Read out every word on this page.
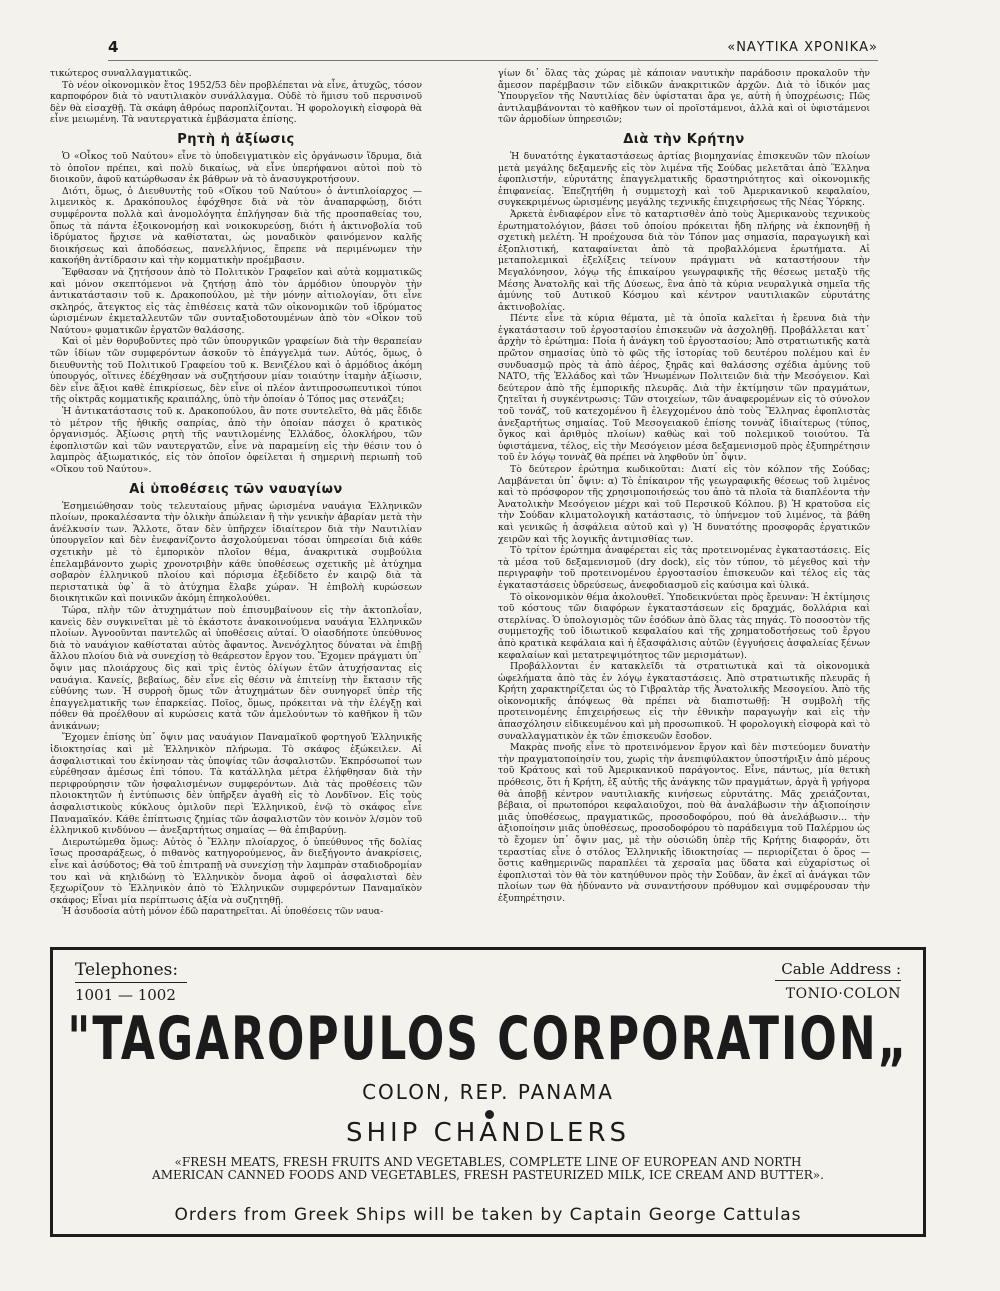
4	«ΝΑΥΤΙΚΑ ΧΡΟΝΙΚΑ»

τικώτερος συναλλαγματικῶς.

Τὸ νέον οἰκονομικὸν ἔτος 1952/53 δὲν προβλέπεται νὰ εἶνε, ἀτυχῶς, τόσον καρποφόρον διὰ τὸ ναυτιλιακὸν συνάλλαγμα. Οὐδὲ τὸ ἥμισυ τοῦ περυσινοῦ δὲν θὰ εἰσαχθῇ. Τὰ σκάφη ἀθρόως παροπλίζονται. Ἡ φορολογικὴ εἰσφορὰ θὰ εἶνε μειωμένη. Τὰ ναυτεργατικὰ ἐμβάσματα ἐπίσης.

Ρητὴ ἡ ἀξίωσις

Ὁ «Οἶκος τοῦ Ναύτου» εἶνε τὸ ὑποδειγματικὸν εἰς ὀργάνωσιν ἵδρυμα, διὰ τὸ ὁποῖον πρέπει, καὶ πολὺ δικαίως, νὰ εἶνε ὑπερήφανοι αὐτοὶ ποὺ τὸ διοικοῦν, ἀφοῦ κατώρθωσαν ἐκ βάθρων νὰ τὸ ἀνασυγκροτήσουν.

Διότι, ὅμως, ὁ Διευθυντὴς τοῦ «Οἴκου τοῦ Ναύτου» ὁ ἀντιπλοίαρχος — λιμενικὸς κ. Δρακόπουλος ἐφόχθησε διὰ νὰ τὸν ἀναπαρφώσῃ, διότι συμφέροντα πολλὰ καὶ ἀνομολόγητα ἐπλήγησαν διὰ τῆς προσπαθείας του, ὅπως τὰ πάντα ἐξοικονομήσῃ καὶ νοικοκυρεύσῃ, διότι ἡ ἀκτινοβολία τοῦ ἱδρύματος ἤρχισε νὰ καθίσταται, ὡς μοναδικὸν φαινόμενον καλῆς διοικήσεως καὶ ἀποδόσεως, πανελλήνιος, ἔπρεπε νὰ περιμένωμεν τὴν κακοήθη ἀντίδρασιν καὶ τὴν κομματικὴν προέμβασιν.

Ἔφθασαν νὰ ζητήσουν ἀπὸ τὸ Πολιτικὸν Γραφεῖον καὶ αὐτὰ κομματικῶς καὶ μόνον σκεπτόμενοι νὰ ζητήσῃ ἀπὸ τὸν ἁρμόδιον ὑπουργὸν τὴν ἀντικατάστασιν τοῦ κ. Δρακοπούλου, μὲ τὴν μόνην αἰτιολογίαν, ὅτι εἶνε σκληρός, ἄτεγκτος εἰς τὰς ἐπιθέσεις κατὰ τῶν οἰκονομικῶν τοῦ ἱδρύματος ὡρισμένων ἐκμεταλλευτῶν τῶν συνταξιοδοτουμένων ἀπὸ τὸν «Οἶκον τοῦ Ναύτου» φυματικῶν ἐργατῶν θαλάσσης.

Καὶ οἱ μὲν θορυβοῦντες πρὸ τῶν ὑπουργικῶν γραφείων διὰ τὴν θεραπείαν τῶν ἰδίων τῶν συμφερόντων ἀσκοῦν τὸ ἐπάγγελμά των. Αὐτός, ὅμως, ὁ διευθυντὴς τοῦ Πολιτικοῦ Γραφείου τοῦ κ. Βενιζέλου καὶ ὁ ἁρμόδιος ἀκόμη ὑπουργός, οἵτινες ἐδέχθησαν νὰ συζητήσουν μίαν τοιαύτην ἰταμὴν ἀξίωσιν, δὲν εἶνε ἄξιοι καθὲ ἐπικρίσεως, δὲν εἶνε οἱ πλέον ἀντιπροσωπευτικοὶ τύποι τῆς οἰκτρᾶς κομματικῆς κραιπάλης, ὑπὸ τὴν ὁποίαν ὁ Τόπος μας στενάζει;

Ἡ ἀντικατάστασις τοῦ κ. Δρακοπούλου, ἂν ποτε συντελεῖτο, θὰ μᾶς ἔδιδε τὸ μέτρον τῆς ἠθικῆς σαπρίας, ἀπὸ τὴν ὁποίαν πάσχει ὁ κρατικὸς ὀργανισμός. Ἀξίωσις ρητὴ τῆς ναυτιλομένης Ἑλλάδος, ὁλοκλήρου, τῶν ἐφοπλιστῶν καὶ τῶν ναυτεργατῶν, εἶνε νὰ παραμείνῃ εἰς τὴν θέσιν του ὁ λαμπρὸς ἀξιωματικός, εἰς τὸν ὁποῖον ὀφείλεται ἡ σημερινὴ περιωπὴ τοῦ «Οἴκου τοῦ Ναύτου».

Αἱ ὑποθέσεις τῶν ναυαγίων

Ἐσημειώθησαν τοὺς τελευταίους μῆνας ὡρισμένα ναυάγια Ἑλληνικῶν πλοίων, προκαλέσαντα τὴν ὁλικὴν ἀπώλειαν ἢ τὴν γενικὴν ἀβαρίαν μετὰ τὴν ἀνέλκυσίν των. Ἄλλοτε, ὅταν δὲν ὑπῆρχεν ἰδιαίτερον διὰ τὴν Ναυτιλίαν ὑπουργεῖον καὶ δὲν ἐνεφανίζοντο ἀσχολούμεναι τόσαι ὑπηρεσίαι διὰ κάθε σχετικὴν μὲ τὸ ἐμπορικὸν πλοῖον θέμα, ἀνακριτικὰ συμβούλια ἐπελαμβάνοντο χωρὶς χρονοτριβὴν κάθε ὑποθέσεως σχετικῆς μὲ ἀτύχημα σοβαρὸν ἑλληνικοῦ πλοίου καὶ πόρισμα ἐξεδίδετο ἐν καιρῷ διὰ τὰ περιστατικὰ ὑφ᾽ ἃ τὸ ἀτύχημα ἔλαβε χώραν. Ἡ ἐπιβολὴ κυρώσεων διοικητικῶν καὶ ποινικῶν ἀκόμη ἐπηκολούθει.

Τώρα, πλὴν τῶν ἀτυχημάτων ποὺ ἐπισυμβαίνουν εἰς τὴν ἀκτοπλοΐαν, κανεὶς δὲν συγκινεῖται μὲ τὸ ἑκάστοτε ἀνακοινούμενα ναυάγια Ἑλληνικῶν πλοίων. Ἀγνοοῦνται παντελῶς αἱ ὑποθέσεις αὐταί. Ὁ οἰασδήποτε ὑπεύθυνος διὰ τὸ ναυάγιον καθίσταται αὐτὸς ἄφαντος. Ἀνενόχλητος δύναται νὰ ἐπιβῇ ἄλλου πλοίου διὰ νὰ συνεχίσῃ τὸ θεάρεστον ἔργον του. Ἔχομεν πράγματι ὑπ᾽ ὄψιν μας πλοιάρχους δὶς καὶ τρὶς ἐντὸς ὀλίγων ἐτῶν ἀτυχήσαντας εἰς ναυάγια. Κανείς, βεβαίως, δὲν εἶνε εἰς θέσιν νὰ ἐπιτείνῃ τὴν ἔκτασιν τῆς εὐθύνης των. Ἡ συρροὴ ὅμως τῶν ἀτυχημάτων δὲν συνηγορεῖ ὑπὲρ τῆς ἐπαγγελματικῆς των ἐπαρκείας. Ποῖος, ὅμως, πρόκειται νὰ τὴν ἐλέγξῃ καὶ πόθεν θὰ προέλθουν αἱ κυρώσεις κατὰ τῶν ἀμελούντων τὸ καθῆκον ἢ τῶν ἀνικάνων;

Ἔχομεν ἐπίσης ὑπ᾽ ὄψιν μας ναυάγιον Παναμαϊκοῦ φορτηγοῦ Ἑλληνικῆς ἰδιοκτησίας καὶ μὲ Ἑλληνικὸν πλήρωμα. Τὸ σκάφος ἐξώκειλεν. Αἱ ἀσφαλιστικαὶ του ἐκίνησαν τὰς ὑποψίας τῶν ἀσφαλιστῶν. Ἐκπρόσωποί των εὑρέθησαν ἀμέσως ἐπὶ τόπου. Τὰ κατάλληλα μέτρα ἐλήφθησαν διὰ τὴν περιφρούρησιν τῶν ἠσφαλισμένων συμφερόντων. Διὰ τὰς προθέσεις τῶν πλοιοκτητῶν ἡ ἐντύπωσις δὲν ὑπῆρξεν ἀγαθὴ εἰς τὸ Λονδῖνον. Εἰς τοὺς ἀσφαλιστικοὺς κύκλους ὁμιλοῦν περὶ Ἑλληνικοῦ, ἐνῷ τὸ σκάφος εἶνε Παναμαϊκόν. Κάθε ἐπίπτωσις ζημίας τῶν ἀσφαλιστῶν τὸν κοινὸν λ/σμὸν τοῦ ἑλληνικοῦ κινδύνου — ἀνεξαρτήτως σημαίας — θὰ ἐπιβαρύνῃ.

Διερωτώμεθα ὅμως: Αὐτὸς ὁ Ἕλλην πλοίαρχος, ὁ ὑπεύθυνος τῆς δολίας ἴσως προσαράξεως, ὁ πιθανὸς κατηγορούμενος, ἂν διεξήγοντο ἀνακρίσεις, εἶνε καὶ ἀσύδοτος; Θὰ τοῦ ἐπιτραπῇ νὰ συνεχίσῃ τὴν λαμπρὰν σταδιοδρομίαν του καὶ νὰ κηλιδώνῃ τὸ Ἑλληνικὸν ὄνομα ἀφοῦ οἱ ἀσφαλισταὶ δὲν ξεχωρίζουν τὸ Ἑλληνικὸν ἀπὸ τὸ Ἑλληνικῶν συμφερόντων Παναμαϊκὸν σκάφος; Εἶναι μία περίπτωσις ἀξία νὰ συζητηθῇ.

Ἡ ἀσυδοσία αὐτὴ μόνον ἐδῶ παρατηρεῖται. Αἱ ὑποθέσεις τῶν ναυα-

γίων δι᾽ ὅλας τὰς χώρας μὲ κάποιαν ναυτικὴν παράδοσιν προκαλοῦν τὴν ἄμεσον παρέμβασιν τῶν εἰδικῶν ἀνακριτικῶν ἀρχῶν. Διὰ τὸ ἰδικόν μας Ὑπουργεῖον τῆς Ναυτιλίας δὲν ὑφίσταται ἄρα γε, αὐτὴ ἡ ὑποχρέωσις; Πῶς ἀντιλαμβάνονται τὸ καθῆκον των οἱ προϊστάμενοι, ἀλλὰ καὶ οἱ ὑφιστάμενοι τῶν ἁρμοδίων ὑπηρεσιῶν;

Διὰ τὴν Κρήτην

Ἡ δυνατότης ἐγκαταστάσεως ἀρτίας βιομηχανίας ἐπισκευῶν τῶν πλοίων μετὰ μεγάλης δεξαμενῆς εἰς τὸν λιμένα τῆς Σούδας μελετᾶται ἀπὸ Ἕλληνα ἐφοπλιστήν, εὐρυτάτης ἐπαγγελματικῆς δραστηριότητος καὶ οἰκονομικῆς ἐπιφανείας. Ἐπεζητήθη ἡ συμμετοχὴ καὶ τοῦ Ἀμερικανικοῦ κεφαλαίου, συγκεκριμένως ὡρισμένης μεγάλης τεχνικῆς ἐπιχειρήσεως τῆς Νέας Ὑόρκης.

Ἀρκετὰ ἐνδιαφέρον εἶνε τὸ καταρτισθὲν ἀπὸ τοὺς Ἀμερικανοὺς τεχνικοὺς ἐρωτηματολόγιον, βάσει τοῦ ὁποίου πρόκειται ἤδη πλήρης νὰ ἐκπονηθῇ ἡ σχετικὴ μελέτη. Ἡ προέχουσα διὰ τὸν Τόπον μας σημασία, παραγωγικὴ καὶ ἐξοπλιστική, καταφαίνεται ἀπὸ τὰ προβαλλόμενα ἐρωτήματα. Αἱ μεταπολεμικαὶ ἐξελίξεις τείνουν πράγματι νὰ καταστήσουν τὴν Μεγαλόνησον, λόγῳ τῆς ἐπικαίρου γεωγραφικῆς τῆς θέσεως μεταξὺ τῆς Μέσης Ἀνατολῆς καὶ τῆς Δύσεως, ἓνα ἀπὸ τὰ κύρια νευραλγικὰ σημεῖα τῆς ἀμύνης τοῦ Δυτικοῦ Κόσμου καὶ κέντρον ναυτιλιακῶν εὐρυτάτης ἀκτινοβολίας.

Πέντε εἶνε τὰ κύρια θέματα, μὲ τὰ ὁποῖα καλεῖται ἡ ἔρευνα διὰ τὴν ἐγκατάστασιν τοῦ ἐργοστασίου ἐπισκευῶν νὰ ἀσχοληθῇ. Προβάλλεται κατ᾽ ἀρχὴν τὸ ἐρώτημα: Ποία ἡ ἀνάγκη τοῦ ἐργοστασίου; Ἀπὸ στρατιωτικῆς κατὰ πρῶτον σημασίας ὑπὸ τὸ φῶς τῆς ἱστορίας τοῦ δευτέρου πολέμου καὶ ἐν συνδυασμῷ πρὸς τὰ ἀπὸ ἀέρος, ξηρᾶς καὶ θαλάσσης σχέδια ἀμύνης τοῦ ΝΑΤΟ, τῆς Ἑλλάδος καὶ τῶν Ἡνωμένων Πολιτειῶν διὰ τὴν Μεσόγειον. Καὶ δεύτερον ἀπὸ τῆς ἐμπορικῆς πλευρᾶς. Διὰ τὴν ἐκτίμησιν τῶν πραγμάτων, ζητεῖται ἡ συγκέντρωσις: Τῶν στοιχείων, τῶν ἀναφερομένων εἰς τὸ σύνολον τοῦ τονάζ, τοῦ κατεχομένου ἢ ἐλεγχομένου ἀπὸ τοὺς Ἕλληνας ἐφοπλιστὰς ἀνεξαρτήτως σημαίας. Τοῦ Μεσογειακοῦ ἐπίσης τοννὰζ ἰδιαίτερως (τύπος, ὄγκος καὶ ἀριθμὸς πλοίων) καθὼς καὶ τοῦ πολεμικοῦ τοιούτου. Τὰ ὑφιστάμενα, τέλος, εἰς τὴν Μεσόγειον μέσα δεξαμενισμοῦ πρὸς ἐξυπηρέτησιν τοῦ ἐν λόγῳ τοννὰζ θὰ πρέπει νὰ ληφθοῦν ὑπ᾽ ὄψιν.

Τὸ δεύτερον ἐρώτημα κωδικοῦται: Διατί εἰς τὸν κόλπον τῆς Σούδας; Λαμβάνεται ὑπ᾽ ὄψιν: α) Τὸ ἐπίκαιρον τῆς γεωγραφικῆς θέσεως τοῦ λιμένος καὶ τὸ πρόσφορον τῆς χρησιμοποιήσεώς του ἀπὸ τὰ πλοῖα τὰ διαπλέοντα τὴν Ἀνατολικὴν Μεσόγειον μέχρι καὶ τοῦ Περσικοῦ Κόλπου. β) Ἡ κρατοῦσα εἰς τὴν Σούδαν κλιματολογικὴ κατάστασις, τὸ ὑπήνεμον τοῦ λιμένος, τὰ βάθη καὶ γενικῶς ἡ ἀσφάλεια αὐτοῦ καὶ γ) Ἡ δυνατότης προσφορᾶς ἐργατικῶν χειρῶν καὶ τῆς λογικῆς ἀντιμισθίας των.

Τὸ τρίτον ἐρώτημα ἀναφέρεται εἰς τὰς προτεινομένας ἐγκαταστάσεις. Εἰς τὰ μέσα τοῦ δεξαμενισμοῦ (dry dock), εἰς τὸν τύπον, τὸ μέγεθος καὶ τὴν περιγραφὴν τοῦ προτεινομένου ἐργοστασίου ἐπισκευῶν καὶ τέλος εἰς τὰς ἐγκαταστάσεις ὑδρεύσεως, ἀνεφοδιασμοῦ εἰς καύσιμα καὶ ὑλικά.

Τὸ οἰκονομικὸν θέμα ἀκολουθεῖ. Ὑποδεικνύεται πρὸς ἔρευναν: Ἡ ἐκτίμησις τοῦ κόστους τῶν διαφόρων ἐγκαταστάσεων εἰς δραχμάς, δολλάρια καὶ στερλίνας. Ὁ ὑπολογισμὸς τῶν ἐσόδων ἀπὸ ὅλας τὰς πηγάς. Τὸ ποσοστὸν τῆς συμμετοχῆς τοῦ ἰδιωτικοῦ κεφαλαίου καὶ τῆς χρηματοδοτήσεως τοῦ ἔργου ἀπὸ κρατικὰ κεφάλαια καὶ ἡ ἐξασφάλισις αὐτῶν (ἐγγυήσεις ἀσφαλείας ξένων κεφαλαίων καὶ μετατρεψιμότητος τῶν μερισμάτων).

Προβάλλονται ἐν κατακλεῖδι τὰ στρατιωτικὰ καὶ τὰ οἰκονομικὰ ὠφελήματα ἀπὸ τὰς ἐν λόγῳ ἐγκαταστάσεις. Ἀπὸ στρατιωτικῆς πλευρᾶς ἡ Κρήτη χαρακτηρίζεται ὡς τὸ Γιβραλτὰρ τῆς Ἀνατολικῆς Μεσογείου. Ἀπὸ τῆς οἰκονομικῆς ἀπόψεως θὰ πρέπει νὰ διαπιστωθῇ: Ἡ συμβολὴ τῆς προτεινομένης ἐπιχειρήσεως εἰς τὴν ἐθνικὴν παραγωγὴν καὶ εἰς τὴν ἀπασχόλησιν εἰδικευμένου καὶ μὴ προσωπικοῦ. Ἡ φορολογικὴ εἰσφορὰ καὶ τὸ συναλλαγματικὸν ἐκ τῶν ἐπισκευῶν ἔσοδον.

Μακρὰς πνοῆς εἶνε τὸ προτεινόμενον ἔργον καὶ δὲν πιστεύομεν δυνατὴν τὴν πραγματοποίησίν του, χωρὶς τὴν ἀνεπιφύλακτον ὑποστήριξιν ἀπὸ μέρους τοῦ Κράτους καὶ τοῦ Ἀμερικανικοῦ παράγοντος. Εἶνε, πάντως, μία θετικὴ πρόθεσις, ὅτι ἡ Κρήτη, ἐξ αὐτῆς τῆς ἀνάγκης τῶν πραγμάτων, ἀργὰ ἢ γρήγορα θὰ ἀποβῇ κέντρον ναυτιλιακῆς κινήσεως εὐρυτάτης. Μᾶς χρειάζονται, βέβαια, οἱ πρωτοπόροι κεφαλαιοῦχοι, ποὺ θὰ ἀναλάβωσιν τὴν ἀξιοποίησιν μιᾶς ὑποθέσεως, πραγματικῶς, προσοδοφόρου, πού θὰ ἀνελάβωσιν... τὴν ἀξιοποίησιν μιᾶς ὑποθέσεως, προσοδοφόρου τὸ παράδειγμα τοῦ Παλέρμου ὡς τὸ ἔχομεν ὑπ᾽ ὄψιν μας, μὲ τὴν οὐσιώδη ὑπὲρ τῆς Κρήτης διαφοράν, ὅτι τεραστίας εἶνε ὁ στόλος Ἑλληνικῆς ἰδιοκτησίας — περιορίζεται ὁ ὅρος — ὅστις καθημερινῶς παραπλέει τὰ χερσαῖα μας ὕδατα καὶ εὐχαρίστως οἱ ἐφοπλισταὶ τὸν θὰ τὸν κατηύθυνον πρὸς τὴν Σοῦδαν, ἂν ἐκεῖ αἱ ἀνάγκαι τῶν πλοίων των θὰ ἠδύναντο νὰ συναντήσουν πρόθυμον καὶ συμφέρουσαν τὴν ἐξυπηρέτησιν.

Telephones:
1001 — 1002
Cable Address :
TONIO·COLON
"TAGAROPULOS CORPORATION„
COLON, REP. PANAMA
SHIP CHANDLERS
«FRESH MEATS, FRESH FRUITS AND VEGETABLES, COMPLETE LINE OF EUROPEAN AND NORTH AMERICAN CANNED FOODS AND VEGETABLES, FRESH PASTEURIZED MILK, ICE CREAM AND BUTTER».
Orders from Greek Ships will be taken by Captain George Cattulas
